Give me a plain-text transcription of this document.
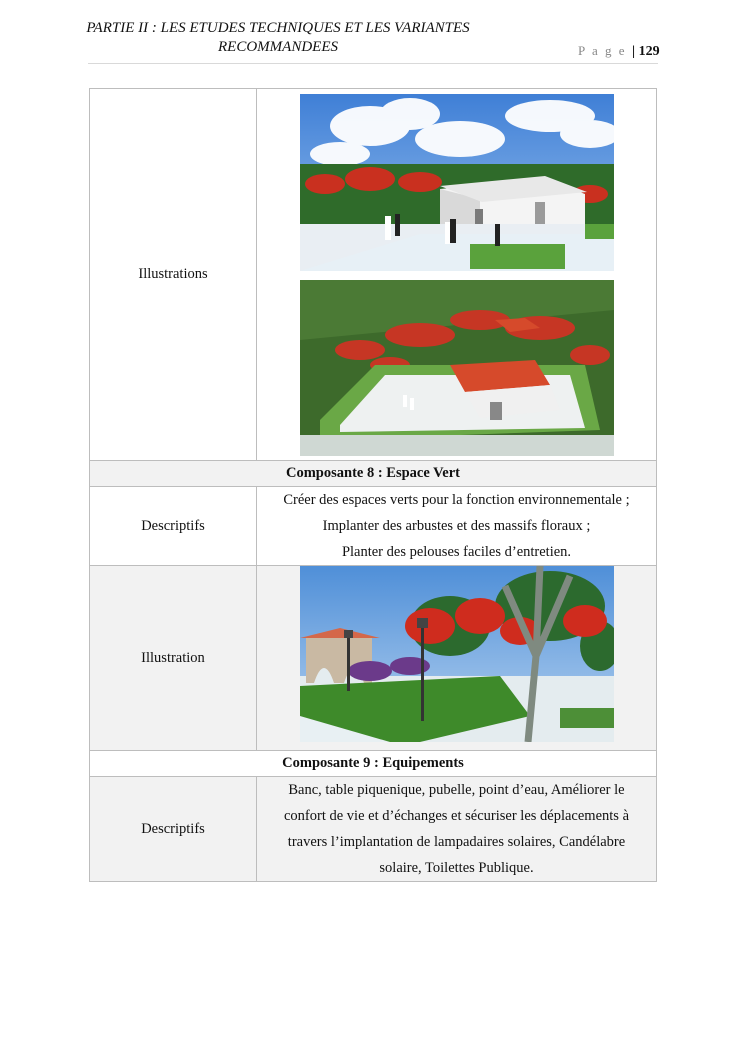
PARTIE II : LES ETUDES TECHNIQUES ET LES VARIANTES
RECOMMANDEES	P a g e | 129
Illustrations	

Composante 8 : Espace Vert	
Descriptifs	Créer des espaces verts pour la fonction environnementale ;
Implanter des arbustes et des massifs floraux ;
Planter des pelouses faciles d’entretien.

Illustration	

Composante 9 : Equipements	
Descriptifs	Banc, table piquenique, pubelle, point d’eau, Améliorer le
confort de vie et d’échanges et sécuriser les déplacements à
travers l’implantation de lampadaires solaires, Candélabre
solaire, Toilettes Publique.
